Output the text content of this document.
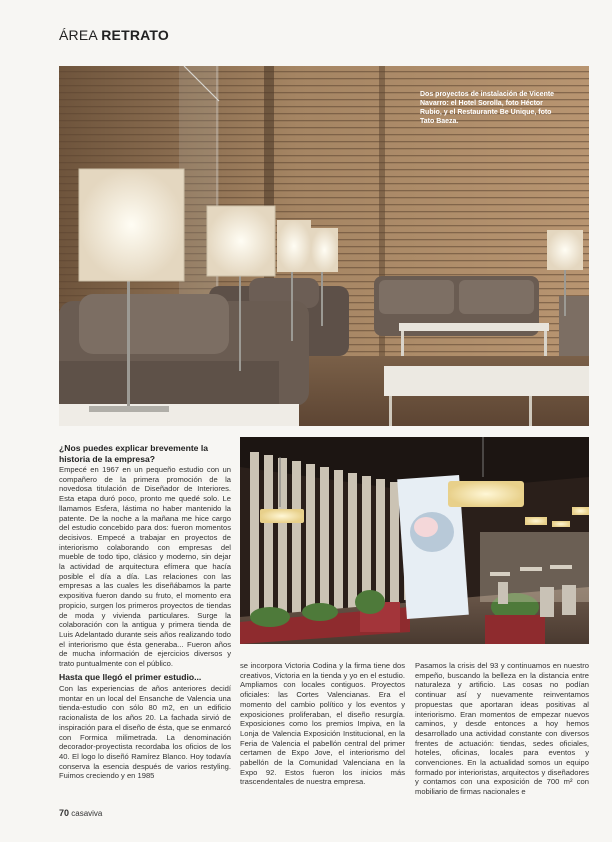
ÁREA RETRATO
Dos proyectos de instalación de Vicente Navarro: el Hotel Sorolla, foto Héctor Rubio, y el Restaurante Be Unique, foto Tato Baeza.
¿Nos puedes explicar brevemente la historia de la empresa?

Empecé en 1967 en un pequeño estudio con un compañero de la primera promoción de la novedosa titulación de Diseñador de Interiores. Esta etapa duró poco, pronto me quedé solo. Le llamamos Esfera, lástima no haber mantenido la patente. De la noche a la mañana me hice cargo del estudio concebido para dos: fueron momentos decisivos. Empecé a trabajar en proyectos de interiorismo colaborando con empresas del mueble de todo tipo, clásico y moderno, sin dejar la actividad de arquitectura efímera que hacía posible el día a día. Las relaciones con las empresas a las cuales les diseñábamos la parte expositiva fueron dando su fruto, el momento era propicio, surgen los primeros proyectos de tiendas de moda y vivienda particulares. Surge la colaboración con la antigua y primera tienda de Luis Adelantado durante seis años realizando todo el interiorismo que ésta generaba... Fueron años de mucha información de ejercicios diversos y trato puntualmente con el público.

Hasta que llegó el primer estudio...

Con las experiencias de años anteriores decidí montar en un local del Ensanche de Valencia una tienda-estudio con sólo 80 m2, en un edificio racionalista de los años 20. La fachada sirvió de inspiración para el diseño de ésta, que se enmarcó con Formica milimetrada. La denominación decorador-proyectista recordaba los oficios de los 40. El logo lo diseñó Ramírez Blanco. Hoy todavía conserva la esencia después de varios restyling. Fuimos creciendo y en 1985

se incorpora Victoria Codina y la firma tiene dos creativos, Victoria en la tienda y yo en el estudio. Ampliamos con locales contiguos. Proyectos oficiales: las Cortes Valencianas. Era el momento del cambio político y los eventos y exposiciones proliferaban, el diseño resurgía. Exposiciones como los premios Impiva, en la Lonja de Valencia Exposición Institucional, en la Feria de Valencia el pabellón central del primer certamen de Expo Jove, el interiorismo del pabellón de la Comunidad Valenciana en la Expo 92. Estos fueron los inicios más trascendentales de nuestra empresa.

Pasamos la crisis del 93 y continuamos en nuestro empeño, buscando la belleza en la distancia entre naturaleza y artificio. Las cosas no podían continuar así y nuevamente reinventamos propuestas que aportaran ideas positivas al interiorismo. Eran momentos de empezar nuevos caminos, y desde entonces a hoy hemos desarrollado una actividad constante con diversos frentes de actuación: tiendas, sedes oficiales, hoteles, oficinas, locales para eventos y convenciones. En la actualidad somos un equipo formado por interioristas, arquitectos y diseñadores y contamos con una exposición de 700 m² con mobiliario de firmas nacionales e

70 casaviva
